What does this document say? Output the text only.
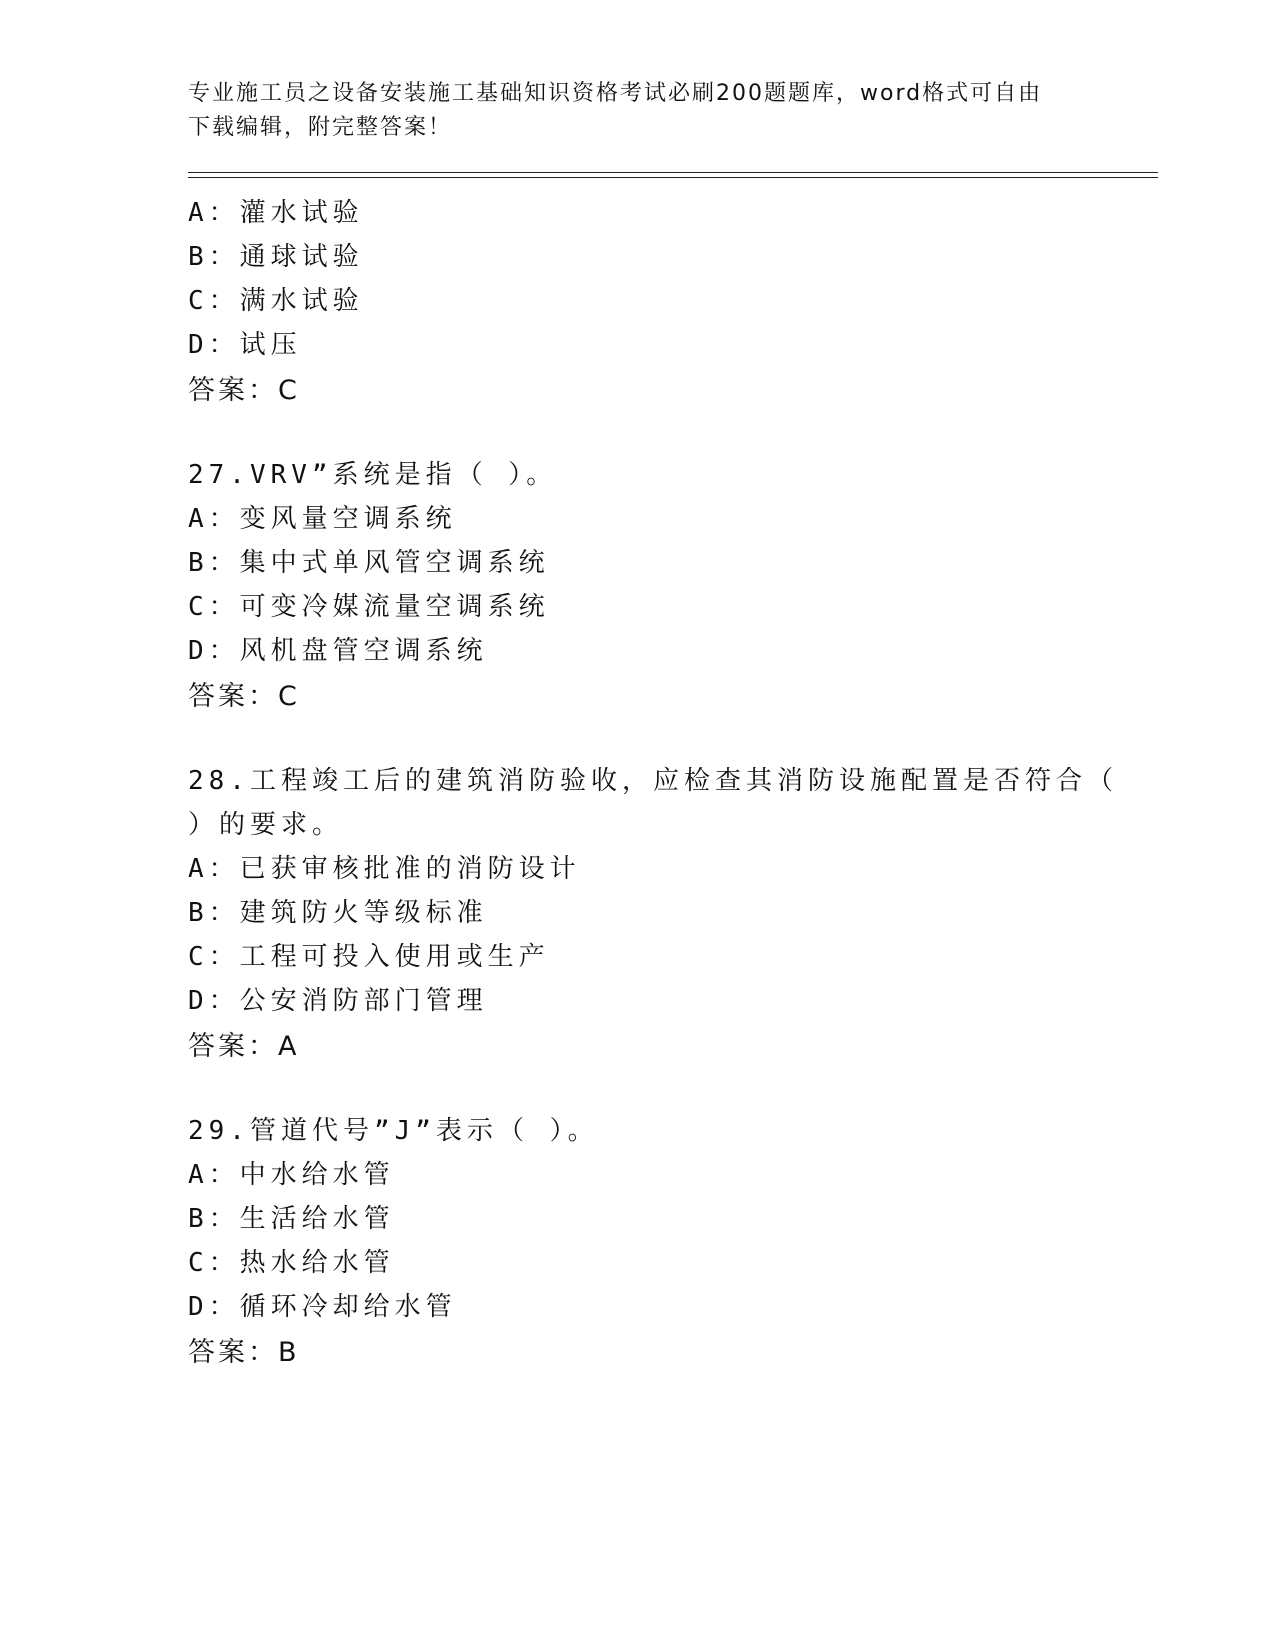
专业施工员之设备安装施工基础知识资格考试必刷200题题库，word格式可自由
下载编辑，附完整答案！
A：灌水试验
B：通球试验
C：满水试验
D：试压
答案：C
27.VRV”系统是指（ ）。
A：变风量空调系统
B：集中式单风管空调系统
C：可变冷媒流量空调系统
D：风机盘管空调系统
答案：C
28.工程竣工后的建筑消防验收，应检查其消防设施配置是否符合（
）的要求。
A：已获审核批准的消防设计
B：建筑防火等级标准
C：工程可投入使用或生产
D：公安消防部门管理
答案：A
29.管道代号”J”表示（ ）。
A：中水给水管
B：生活给水管
C：热水给水管
D：循环冷却给水管
答案：B
